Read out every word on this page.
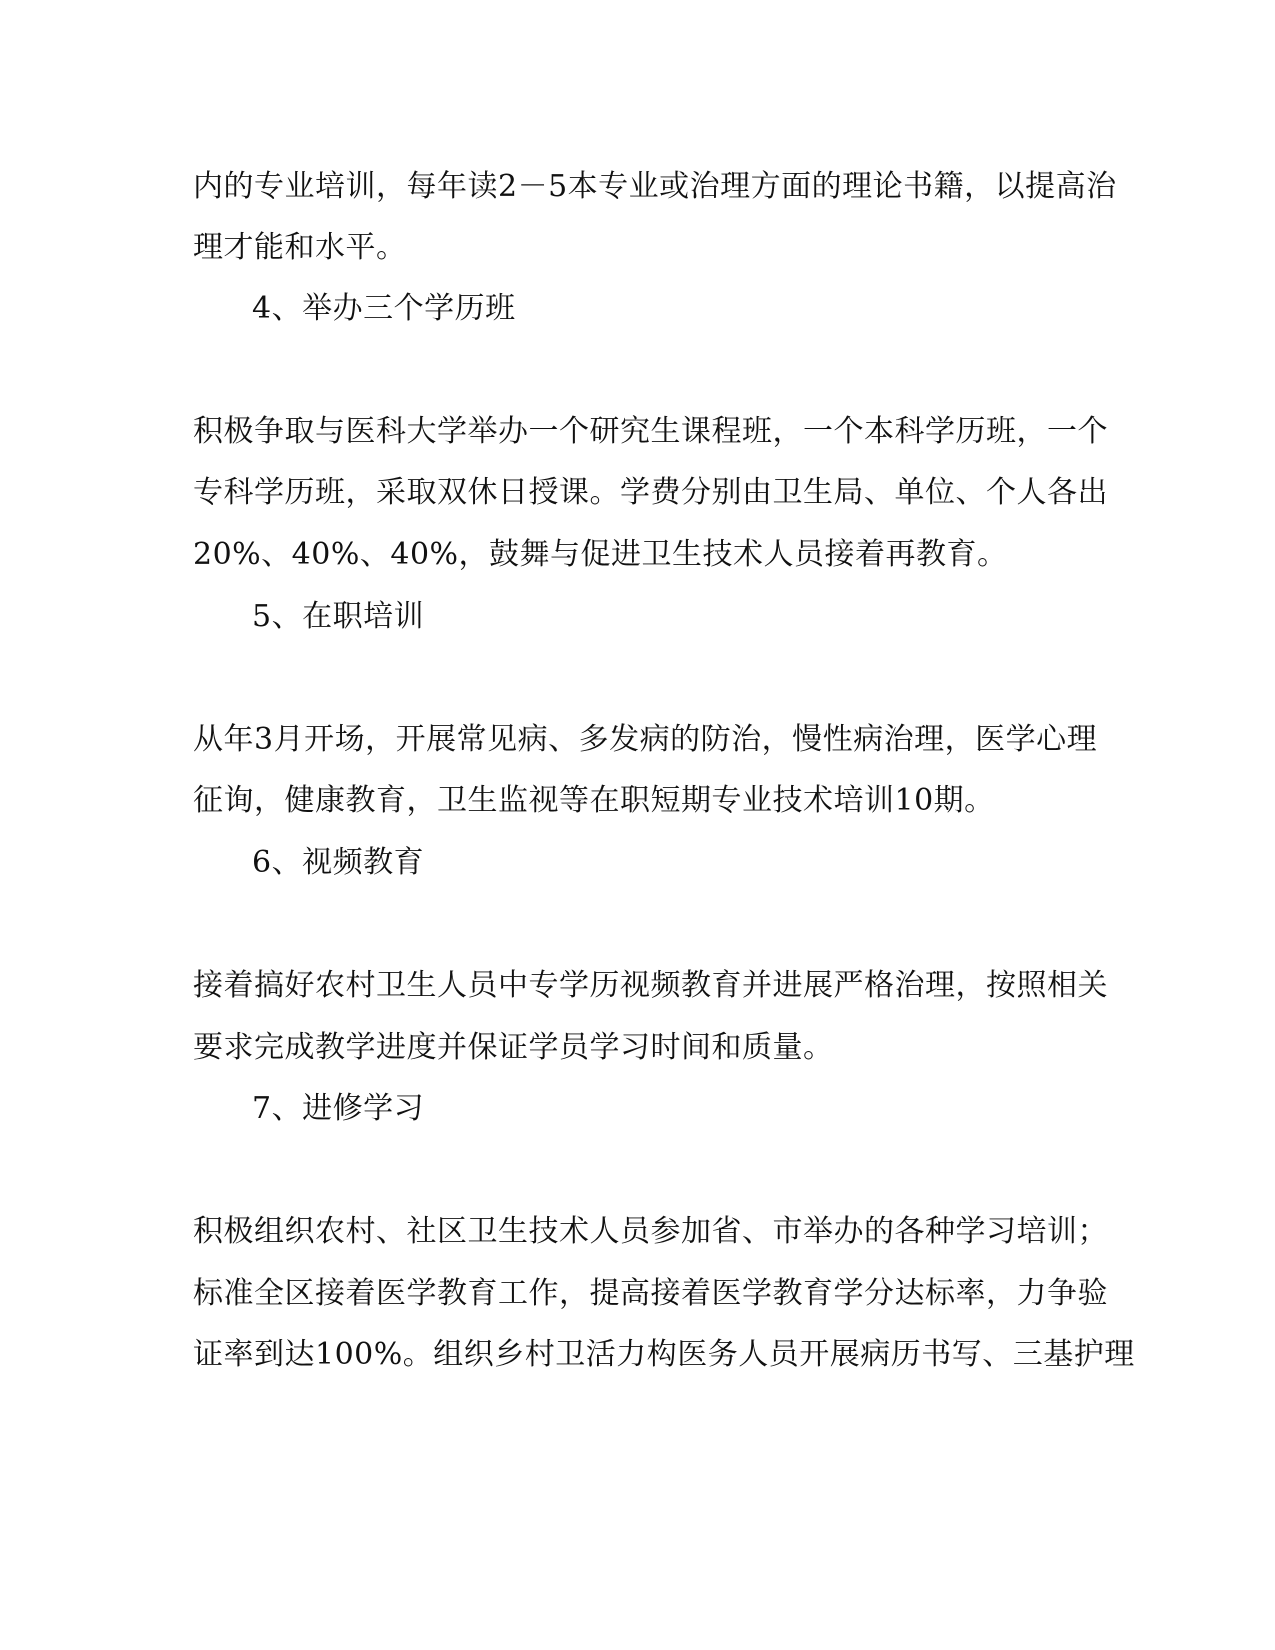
内的专业培训，每年读2－5本专业或治理方面的理论书籍，以提高治
理才能和水平。
4、举办三个学历班
积极争取与医科大学举办一个研究生课程班，一个本科学历班，一个
专科学历班，采取双休日授课。学费分别由卫生局、单位、个人各出
20%、40%、40%，鼓舞与促进卫生技术人员接着再教育。
5、在职培训
从年3月开场，开展常见病、多发病的防治，慢性病治理，医学心理
征询，健康教育，卫生监视等在职短期专业技术培训10期。
6、视频教育
接着搞好农村卫生人员中专学历视频教育并进展严格治理，按照相关
要求完成教学进度并保证学员学习时间和质量。
7、进修学习
积极组织农村、社区卫生技术人员参加省、市举办的各种学习培训；
标准全区接着医学教育工作，提高接着医学教育学分达标率，力争验
证率到达100%。组织乡村卫活力构医务人员开展病历书写、三基护理
